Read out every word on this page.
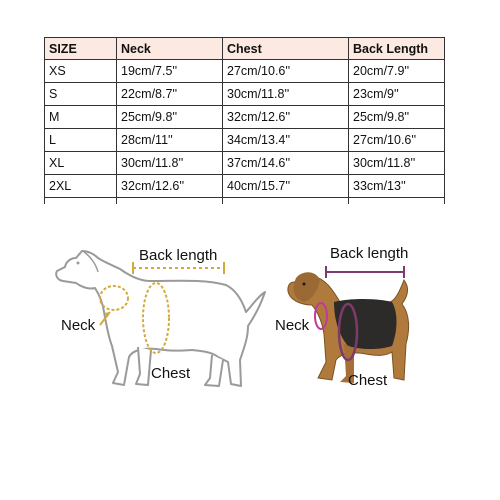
SIZE	Neck	Chest	Back Length
XS	19cm/7.5''	27cm/10.6''	20cm/7.9''
S	22cm/8.7''	30cm/11.8''	23cm/9''
M	25cm/9.8''	32cm/12.6''	25cm/9.8''
L	28cm/11''	34cm/13.4''	27cm/10.6''
XL	30cm/11.8''	37cm/14.6''	30cm/11.8''
2XL	32cm/12.6''	40cm/15.7''	33cm/13''

Back length
Neck
Chest
Back length
Neck
Chest
